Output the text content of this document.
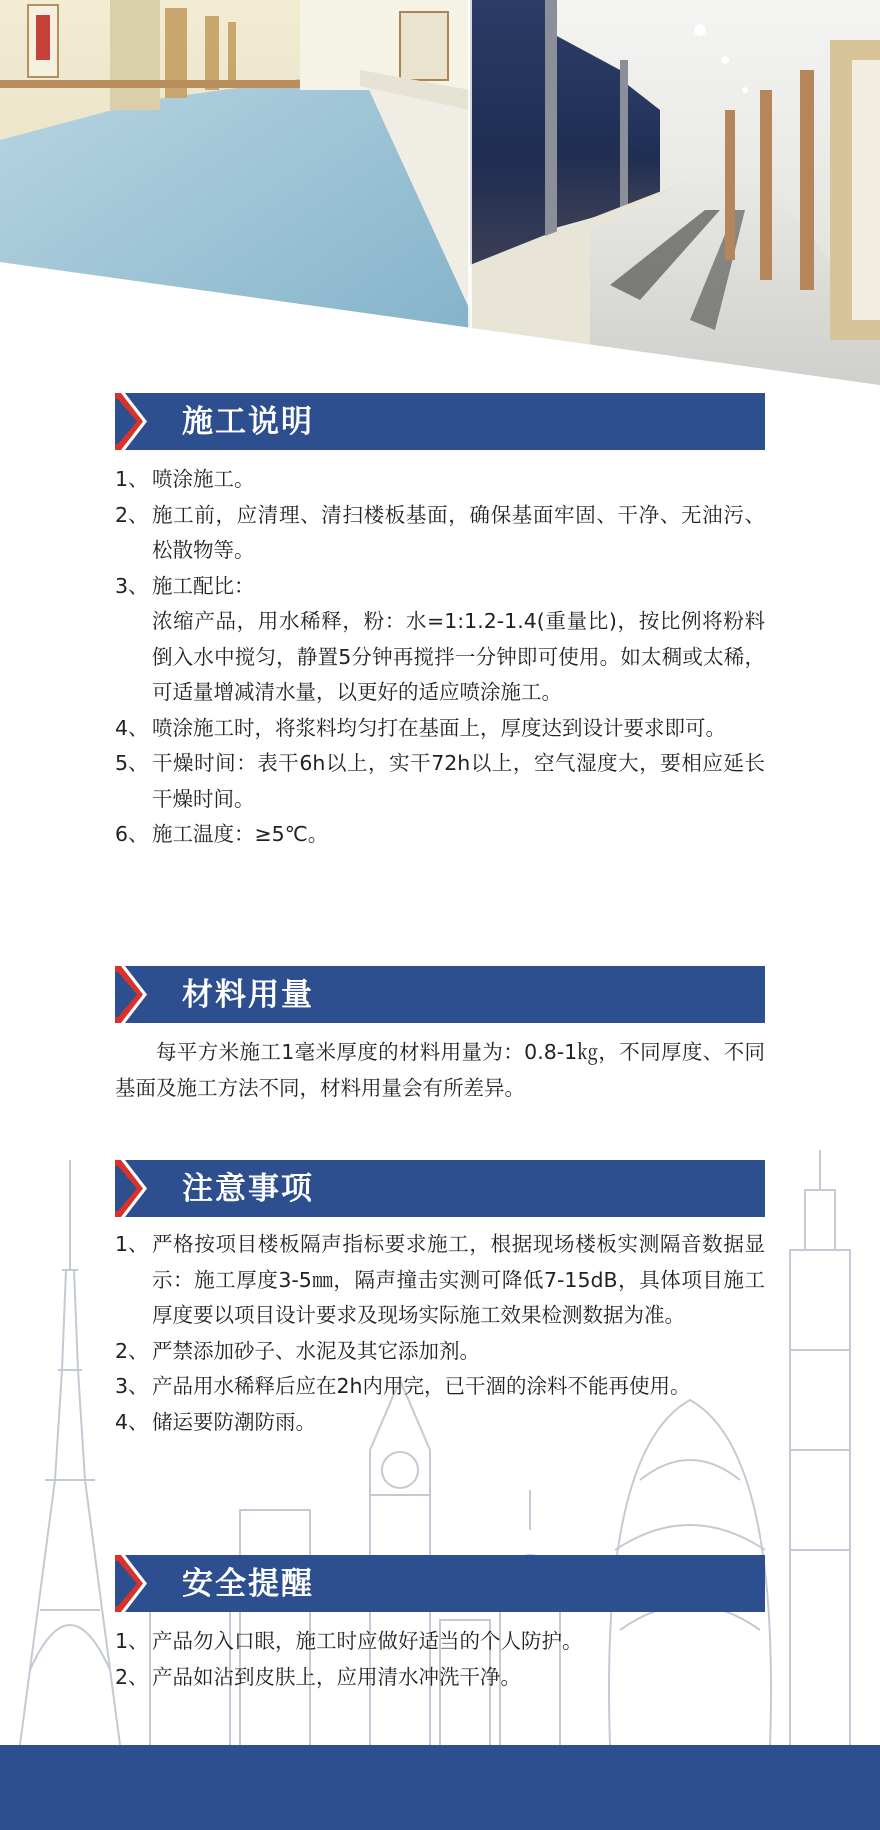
施工说明
1、 喷涂施工。
2、 施工前，应清理、清扫楼板基面，确保基面牢固、干净、无油污、松散物等。
3、 施工配比：
浓缩产品，用水稀释，粉：水=1:1.2-1.4(重量比)，按比例将粉料倒入水中搅匀，静置5分钟再搅拌一分钟即可使用。如太稠或太稀，可适量增减清水量，以更好的适应喷涂施工。
4、 喷涂施工时，将浆料均匀打在基面上，厚度达到设计要求即可。
5、 干燥时间：表干6h以上，实干72h以上，空气湿度大，要相应延长干燥时间。
6、 施工温度：≥5℃。
材料用量

每平方米施工1毫米厚度的材料用量为：0.8-1㎏，不同厚度、不同基面及施工方法不同，材料用量会有所差异。

注意事项
1、 严格按项目楼板隔声指标要求施工，根据现场楼板实测隔音数据显示：施工厚度3-5㎜，隔声撞击实测可降低7-15dB，具体项目施工厚度要以项目设计要求及现场实际施工效果检测数据为准。
2、 严禁添加砂子、水泥及其它添加剂。
3、 产品用水稀释后应在2h内用完，已干涸的涂料不能再使用。
4、 储运要防潮防雨。
安全提醒
1、 产品勿入口眼，施工时应做好适当的个人防护。
2、 产品如沾到皮肤上，应用清水冲洗干净。
